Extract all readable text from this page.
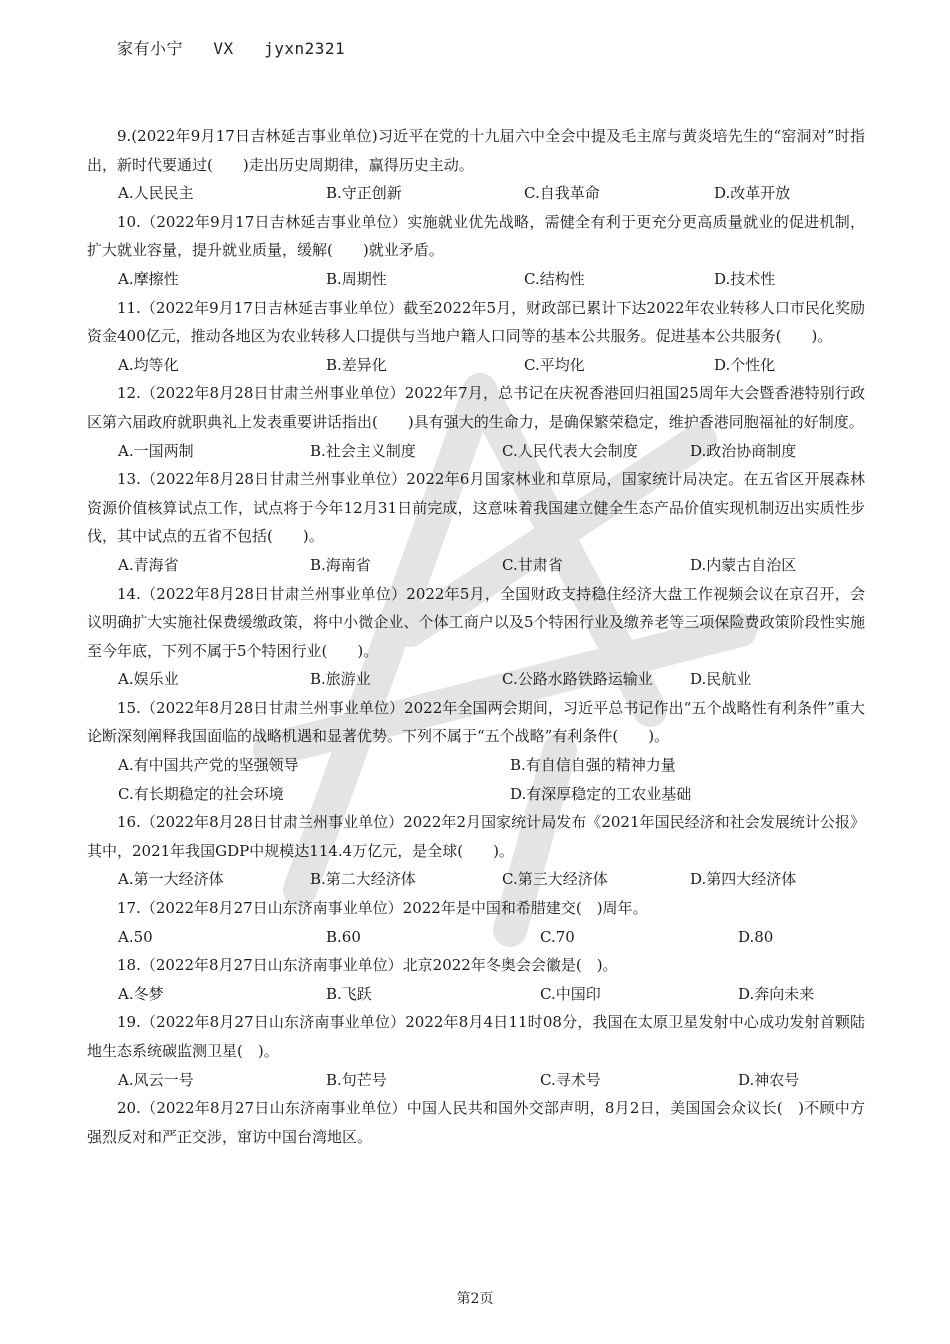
家有小宁   VX   jyxn2321

9.(2022年9月17日吉林延吉事业单位)习近平在党的十九届六中全会中提及毛主席与黄炎培先生的“窑洞对”时指出，新时代要通过(　　)走出历史周期律，赢得历史主动。

A.人民民主	B.守正创新	C.自我革命	D.改革开放

10.（2022年9月17日吉林延吉事业单位）实施就业优先战略，需健全有利于更充分更高质量就业的促进机制，扩大就业容量，提升就业质量，缓解(　　)就业矛盾。

A.摩擦性	B.周期性	C.结构性	D.技术性

11.（2022年9月17日吉林延吉事业单位）截至2022年5月，财政部已累计下达2022年农业转移人口市民化奖励资金400亿元，推动各地区为农业转移人口提供与当地户籍人口同等的基本公共服务。促进基本公共服务(　　)。

A.均等化	B.差异化	C.平均化	D.个性化

12.（2022年8月28日甘肃兰州事业单位）2022年7月，总书记在庆祝香港回归祖国25周年大会暨香港特别行政区第六届政府就职典礼上发表重要讲话指出(　　)具有强大的生命力，是确保繁荣稳定，维护香港同胞福祉的好制度。

A.一国两制	B.社会主义制度	C.人民代表大会制度	D.政治协商制度

13.（2022年8月28日甘肃兰州事业单位）2022年6月国家林业和草原局，国家统计局决定。在五省区开展森林资源价值核算试点工作，试点将于今年12月31日前完成，这意味着我国建立健全生态产品价值实现机制迈出实质性步伐，其中试点的五省不包括(　　)。

A.青海省	B.海南省	C.甘肃省	D.内蒙古自治区

14.（2022年8月28日甘肃兰州事业单位）2022年5月，全国财政支持稳住经济大盘工作视频会议在京召开，会议明确扩大实施社保费缓缴政策，将中小微企业、个体工商户以及5个特困行业及缴养老等三项保险费政策阶段性实施至今年底，下列不属于5个特困行业(　　)。

A.娱乐业	B.旅游业	C.公路水路铁路运输业	D.民航业

15.（2022年8月28日甘肃兰州事业单位）2022年全国两会期间，习近平总书记作出“五个战略性有利条件”重大论断深刻阐释我国面临的战略机遇和显著优势。下列不属于“五个战略”有利条件(　　)。

A.有中国共产党的坚强领导	B.有自信自强的精神力量
C.有长期稳定的社会环境	D.有深厚稳定的工农业基础

16.（2022年8月28日甘肃兰州事业单位）2022年2月国家统计局发布《2021年国民经济和社会发展统计公报》其中，2021年我国GDP中规模达114.4万亿元，是全球(　　)。

A.第一大经济体	B.第二大经济体	C.第三大经济体	D.第四大经济体

17.（2022年8月27日山东济南事业单位）2022年是中国和希腊建交(　)周年。

A.50	B.60	C.70	D.80

18.（2022年8月27日山东济南事业单位）北京2022年冬奥会会徽是(　)。

A.冬梦	B.飞跃	C.中国印	D.奔向未来

19.（2022年8月27日山东济南事业单位）2022年8月4日11时08分，我国在太原卫星发射中心成功发射首颗陆地生态系统碳监测卫星(　)。

A.风云一号	B.句芒号	C.寻术号	D.神农号

20.（2022年8月27日山东济南事业单位）中国人民共和国外交部声明，8月2日，美国国会众议长(　)不顾中方强烈反对和严正交涉，窜访中国台湾地区。

第2页
